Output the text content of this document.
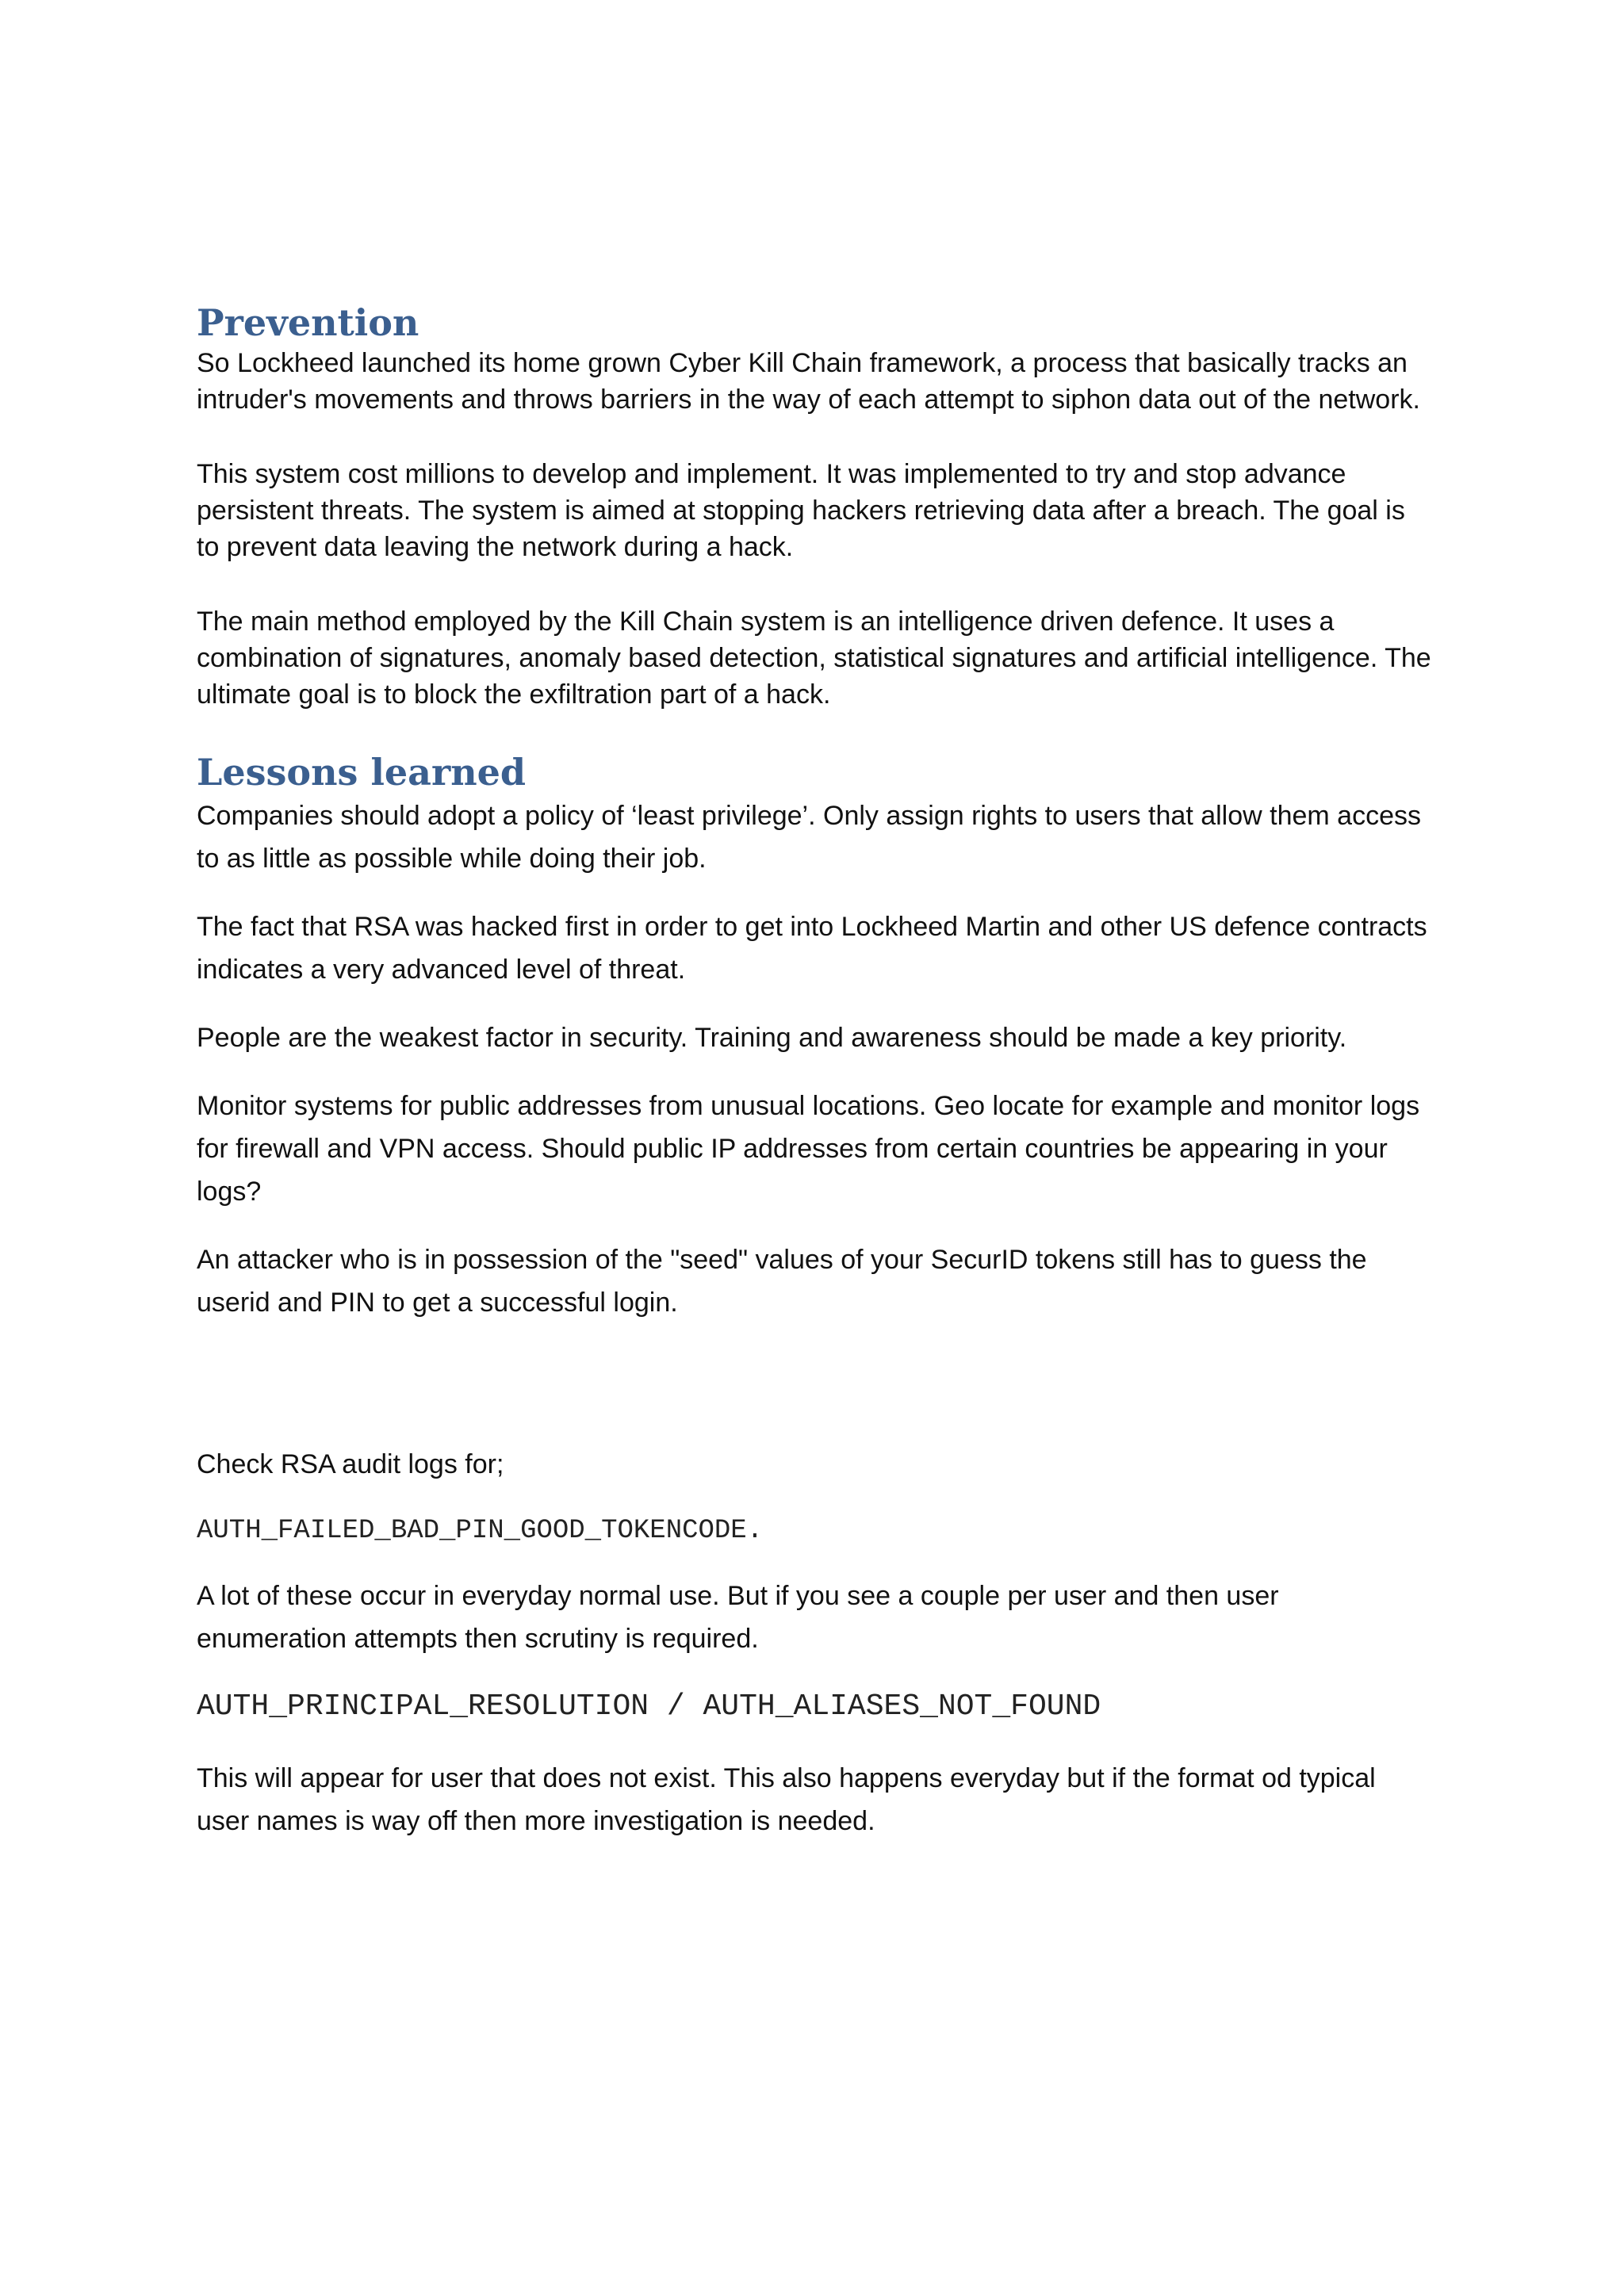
Prevention

So Lockheed launched its home grown Cyber Kill Chain framework, a process that basically tracks an intruder's movements and throws barriers in the way of each attempt to siphon data out of the network.

This system cost millions to develop and implement. It was implemented to try and stop advance persistent threats. The system is aimed at stopping hackers retrieving data after a breach. The goal is to prevent data leaving the network during a hack.

The main method employed by the Kill Chain system is an intelligence driven defence. It uses a combination of signatures, anomaly based detection, statistical signatures and artificial intelligence. The ultimate goal is to block the exfiltration part of a hack.

Lessons learned

Companies should adopt a policy of ‘least privilege’. Only assign rights to users that allow them access to as little as possible while doing their job.

The fact that RSA was hacked first in order to get into Lockheed Martin and other US defence contracts indicates a very advanced level of threat.

People are the weakest factor in security. Training and awareness should be made a key priority.

Monitor systems for public addresses from unusual locations. Geo locate for example and monitor logs for firewall and VPN access. Should public IP addresses from certain countries be appearing in your logs?

An attacker who is in possession of the "seed" values of your SecurID tokens still has to guess the userid and PIN to get a successful login.

Check RSA audit logs for;

AUTH_FAILED_BAD_PIN_GOOD_TOKENCODE.

A lot of these occur in everyday normal use. But if you see a couple per user and then user enumeration attempts then scrutiny is required.

AUTH_PRINCIPAL_RESOLUTION / AUTH_ALIASES_NOT_FOUND

This will appear for user that does not exist. This also happens everyday but if the format od typical user names is way off then more investigation is needed.
